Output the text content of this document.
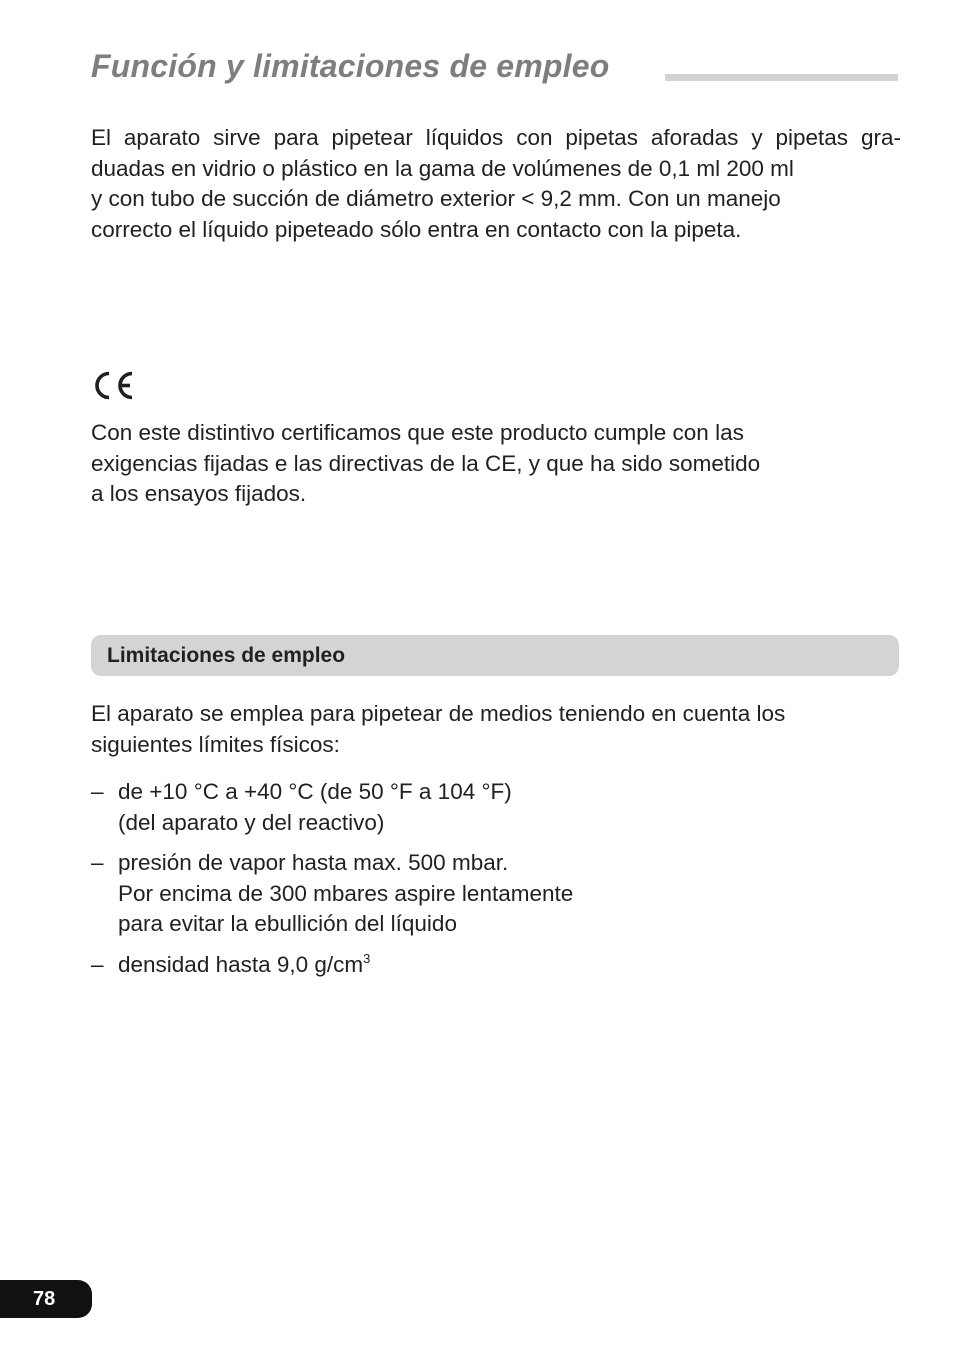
Función y limitaciones de empleo
El aparato sirve para pipetear líquidos con pipetas aforadas y pipetas gra-
duadas en vidrio o plástico en la gama de volúmenes de 0,1 ml 200 ml
y con tubo de succión de diámetro exterior < 9,2 mm. Con un manejo
correcto el líquido pipeteado sólo entra en contacto con la pipeta.
Con este distintivo certificamos que este producto cumple con las
exigencias fijadas e las directivas de la CE, y que ha sido sometido
a los ensayos fijados.
Limitaciones de empleo
El aparato se emplea para pipetear de medios teniendo en cuenta los
siguientes límites físicos:
– de +10 °C a +40 °C (de 50 °F a 104 °F)
(del aparato y del reactivo)
– presión de vapor hasta max. 500 mbar.
Por encima de 300 mbares aspire lentamente
para evitar la ebullición del líquido
– densidad hasta 9,0 $g/cm^3$
78
